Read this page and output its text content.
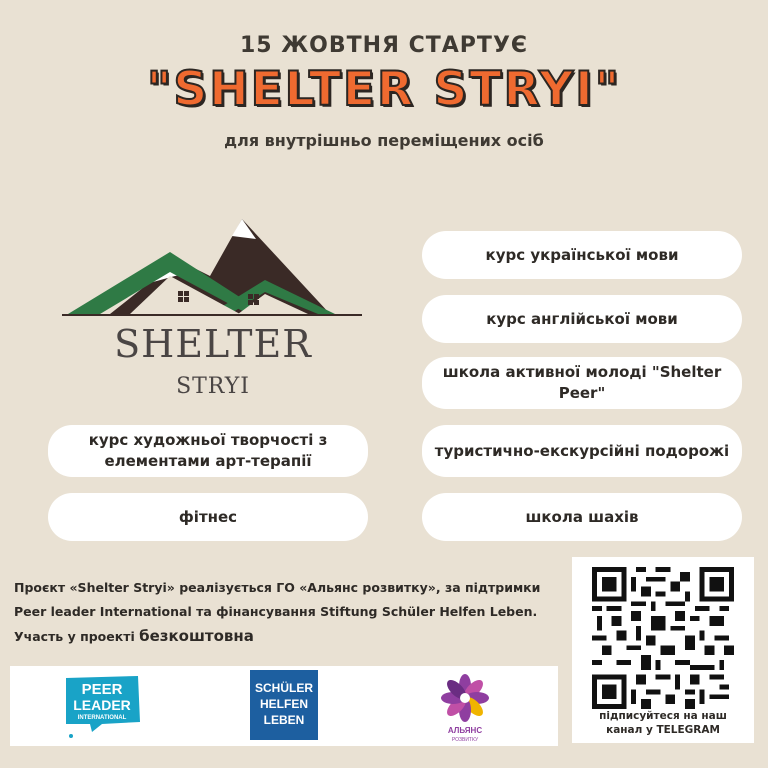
15 ЖОВТНЯ СТАРТУЄ
"SHELTER STRYI"
для внутрішньо переміщених осіб
SHELTER
STRYI
курс української мови
курс англійської мови
школа активної молоді "Shelter Peer"
туристично-екскурсійні подорожі
школа шахів
курс художньої творчості з елементами арт-терапії
фітнес
Проєкт «Shelter Stryi» реалізується ГО «Альянс розвитку», за підтримки Peer leader International та фінансування Stiftung Schüler Helfen Leben. Участь у проекті безкоштовна
PEER
LEADER
INTERNATIONAL
SCHÜLER
HELFEN
LEBEN
АЛЬЯНС
РОЗВИТКУ
підписуйтеся на наш
канал у TELEGRAM
